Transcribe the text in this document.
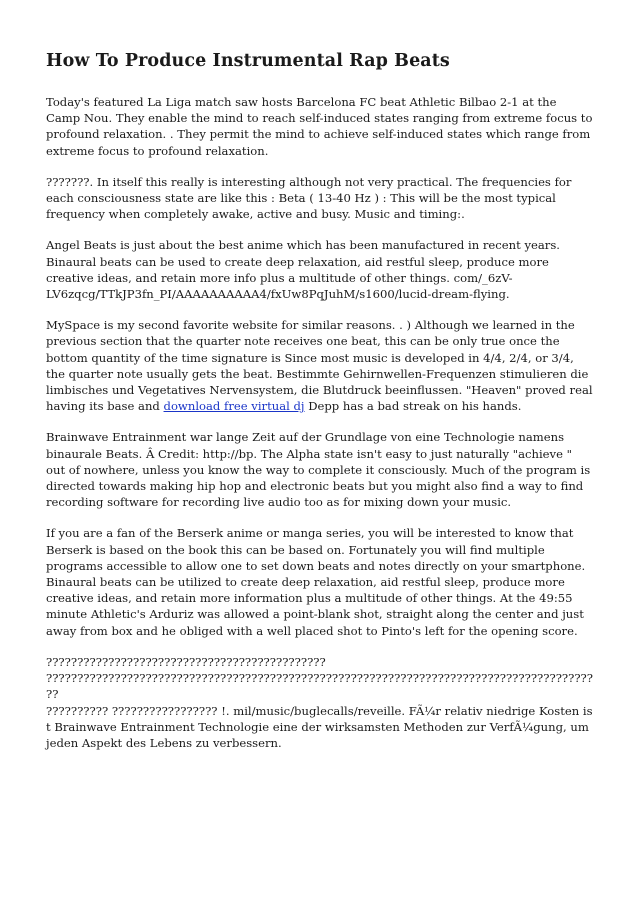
How To Produce Instrumental Rap Beats

Today's featured La Liga match saw hosts Barcelona FC beat Athletic Bilbao 2-1 at the Camp Nou. They enable the mind to reach self-induced states ranging from extreme focus to profound relaxation. . They permit the mind to achieve self-induced states which range from extreme focus to profound relaxation.

???????. In itself this really is interesting although not very practical. The frequencies for each consciousness state are like this : Beta ( 13-40 Hz ) : This will be the most typical frequency when completely awake, active and busy. Music and timing:.

Angel Beats is just about the best anime which has been manufactured in recent years. Binaural beats can be used to create deep relaxation, aid restful sleep, produce more creative ideas, and retain more info plus a multitude of other things. com/_6zV-LV6zqcg/TTkJP3fn_PI/AAAAAAAAAA4/fxUw8PqJuhM/s1600/lucid-dream-flying.

MySpace is my second favorite website for similar reasons. . ) Although we learned in the previous section that the quarter note receives one beat, this can be only true once the bottom quantity of the time signature is Since most music is developed in 4/4, 2/4, or 3/4, the quarter note usually gets the beat. Bestimmte Gehirnwellen-Frequenzen stimulieren die limbisches und Vegetatives Nervensystem, die Blutdruck beeinflussen. "Heaven" proved real having its base and download free virtual dj Depp has a bad streak on his hands.

Brainwave Entrainment war lange Zeit auf der Grundlage von eine Technologie namens binaurale Beats. Â Credit: http://bp. The Alpha state isn't easy to just naturally "achieve " out of nowhere, unless you know the way to complete it consciously. Much of the program is directed towards making hip hop and electronic beats but you might also find a way to find recording software for recording live audio too as for mixing down your music.

If you are a fan of the Berserk anime or manga series, you will be interested to know that Berserk is based on the book this can be based on. Fortunately you will find multiple programs accessible to allow one to set down beats and notes directly on your smartphone. Binaural beats can be utilized to create deep relaxation, aid restful sleep, produce more creative ideas, and retain more information plus a multitude of other things. At the 49:55 minute Athletic's Arduriz was allowed a point-blank shot, straight along the center and just away from box and he obliged with a well placed shot to Pinto's left for the opening score.

?????????????????????????????????????????????
??????????????????????????????????????????????????????????????????????????????????????????
?????????? ????????????????? !. mil/music/buglecalls/reveille. FÃ¼r relativ niedrige Kosten ist Brainwave Entrainment Technologie eine der wirksamsten Methoden zur VerfÃ¼gung, um jeden Aspekt des Lebens zu verbessern.
